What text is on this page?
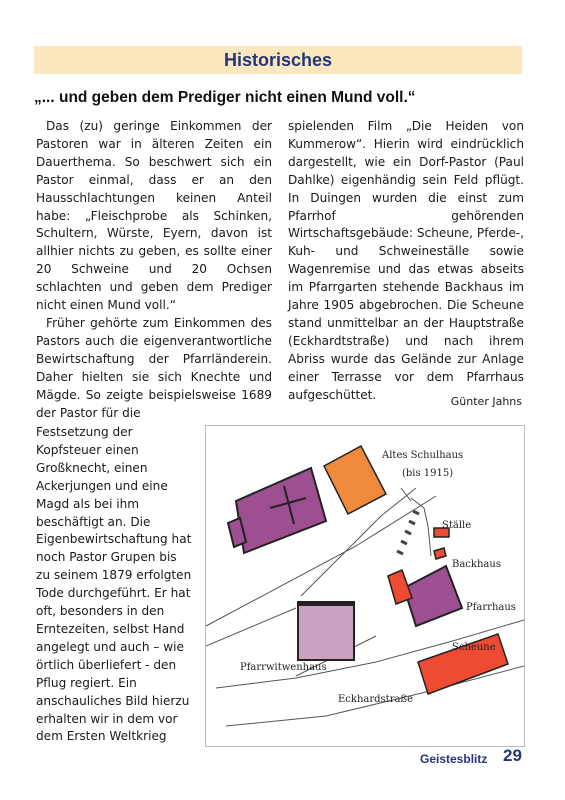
Historisches
„... und geben dem Prediger nicht einen Mund voll.“

Das (zu) geringe Einkommen der Pastoren war in älteren Zeiten ein Dauerthema. So beschwert sich ein Pastor einmal, dass er an den Hausschlachtungen keinen Anteil habe: „Fleischprobe als Schinken, Schultern, Würste, Eyern, davon ist allhier nichts zu geben, es sollte einer 20 Schweine und 20 Ochsen schlachten und geben dem Prediger nicht einen Mund voll.“

Früher gehörte zum Einkommen des Pastors auch die eigenverantwortliche Bewirtschaftung der Pfarrländerein. Daher hielten sie sich Knechte und Mägde. So zeigte beispielsweise 1689 der Pastor für die

Festsetzung der Kopfsteuer einen Großknecht, einen Ackerjungen und eine Magd als bei ihm beschäftigt an. Die Eigenbewirtschaftung hat noch Pastor Grupen bis zu seinem 1879 erfolgten Tode durchgeführt. Er hat oft, besonders in den Erntezeiten, selbst Hand angelegt und auch – wie örtlich überliefert - den Pflug regiert. Ein anschauliches Bild hierzu erhalten wir in dem vor dem Ersten Weltkrieg

spielenden Film „Die Heiden von Kummerow“. Hierin wird eindrücklich dargestellt, wie ein Dorf-Pastor (Paul Dahlke) eigenhändig sein Feld pflügt. In Duingen wurden die einst zum Pfarrhof gehörenden Wirtschaftsgebäude: Scheune, Pferde-, Kuh- und Schweineställe sowie Wagenremise und das etwas abseits im Pfarrgarten stehende Backhaus im Jahre 1905 abgebrochen. Die Scheune stand unmittelbar an der Hauptstraße (Eckhardtstraße) und nach ihrem Abriss wurde das Gelände zur Anlage einer Terrasse vor dem Pfarrhaus aufgeschüttet.	Günter Jahns
Altes Schulhaus
(bis 1915)
Ställe
Backhaus
Pfarrhaus
Scheune
Pfarrwitwenhaus
Eckhardstraße
Geistesblitz 29
